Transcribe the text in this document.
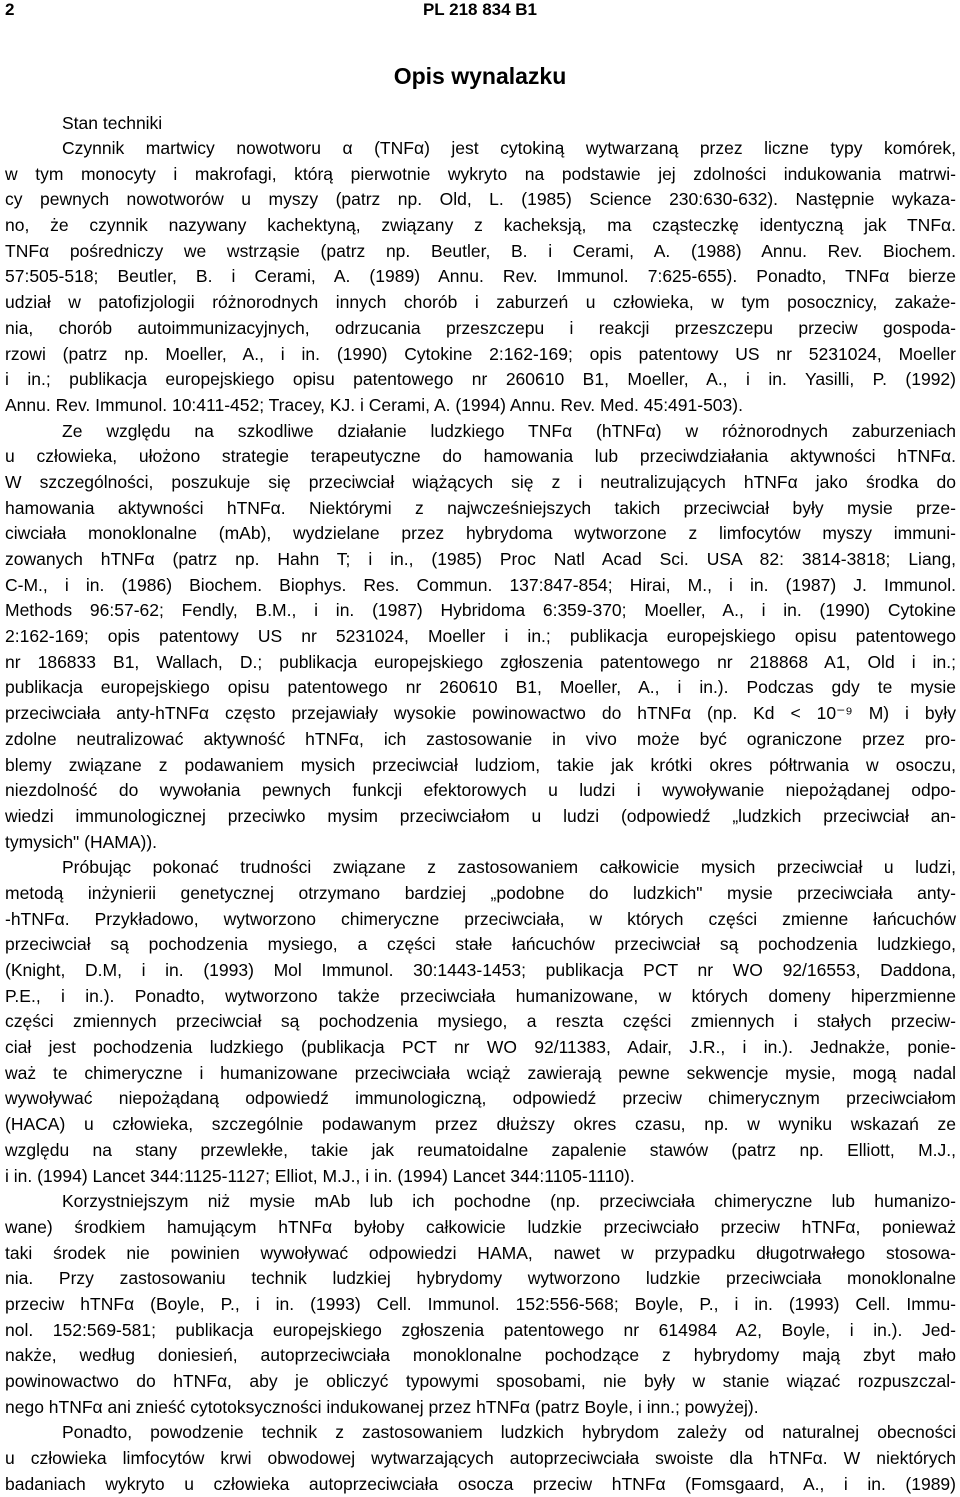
2	PL 218 834 B1
Opis wynalazku
Stan techniki
Czynnik martwicy nowotworu α (TNFα) jest cytokiną wytwarzaną przez liczne typy komórek,
w tym monocyty i makrofagi, którą pierwotnie wykryto na podstawie jej zdolności indukowania matrwi-
cy pewnych nowotworów u myszy (patrz np. Old, L. (1985) Science 230:630-632). Następnie wykaza-
no, że czynnik nazywany kachektyną, związany z kacheksją, ma cząsteczkę identyczną jak TNFα.
TNFα pośredniczy we wstrząsie (patrz np. Beutler, B. i Cerami, A. (1988) Annu. Rev. Biochem.
57:505-518; Beutler, B. i Cerami, A. (1989) Annu. Rev. Immunol. 7:625-655). Ponadto, TNFα bierze
udział w patofizjologii różnorodnych innych chorób i zaburzeń u człowieka, w tym posocznicy, zakaże-
nia, chorób autoimmunizacyjnych, odrzucania przeszczepu i reakcji przeszczepu przeciw gospoda-
rzowi (patrz np. Moeller, A., i in. (1990) Cytokine 2:162-169; opis patentowy US nr 5231024, Moeller
i in.; publikacja europejskiego opisu patentowego nr 260610 B1, Moeller, A., i in. Yasilli, P. (1992)
Annu. Rev. Immunol. 10:411-452; Tracey, KJ. i Cerami, A. (1994) Annu. Rev. Med. 45:491-503).
Ze względu na szkodliwe działanie ludzkiego TNFα (hTNFα) w różnorodnych zaburzeniach
u człowieka, ułożono strategie terapeutyczne do hamowania lub przeciwdziałania aktywności hTNFα.
W szczególności, poszukuje się przeciwciał wiążących się z i neutralizujących hTNFα jako środka do
hamowania aktywności hTNFα. Niektórymi z najwcześniejszych takich przeciwciał były mysie prze-
ciwciała monoklonalne (mAb), wydzielane przez hybrydoma wytworzone z limfocytów myszy immuni-
zowanych hTNFα (patrz np. Hahn T; i in., (1985) Proc Natl Acad Sci. USA 82: 3814-3818; Liang,
C-M., i in. (1986) Biochem. Biophys. Res. Commun. 137:847-854; Hirai, M., i in. (1987) J. Immunol.
Methods 96:57-62; Fendly, B.M., i in. (1987) Hybridoma 6:359-370; Moeller, A., i in. (1990) Cytokine
2:162-169; opis patentowy US nr 5231024, Moeller i in.; publikacja europejskiego opisu patentowego
nr 186833 B1, Wallach, D.; publikacja europejskiego zgłoszenia patentowego nr 218868 A1, Old i in.;
publikacja europejskiego opisu patentowego nr 260610 B1, Moeller, A., i in.). Podczas gdy te mysie
przeciwciała anty-hTNFα często przejawiały wysokie powinowactwo do hTNFα (np. Kd < 10⁻⁹ M) i były
zdolne neutralizować aktywność hTNFα, ich zastosowanie in vivo może być ograniczone przez pro-
blemy związane z podawaniem mysich przeciwciał ludziom, takie jak krótki okres półtrwania w osoczu,
niezdolność do wywołania pewnych funkcji efektorowych u ludzi i wywoływanie niepożądanej odpo-
wiedzi immunologicznej przeciwko mysim przeciwciałom u ludzi (odpowiedź „ludzkich przeciwciał an-
tymysich" (HAMA)).
Próbując pokonać trudności związane z zastosowaniem całkowicie mysich przeciwciał u ludzi,
metodą inżynierii genetycznej otrzymano bardziej „podobne do ludzkich" mysie przeciwciała anty-
-hTNFα. Przykładowo, wytworzono chimeryczne przeciwciała, w których części zmienne łańcuchów
przeciwciał są pochodzenia mysiego, a części stałe łańcuchów przeciwciał są pochodzenia ludzkiego,
(Knight, D.M, i in. (1993) Mol Immunol. 30:1443-1453; publikacja PCT nr WO 92/16553, Daddona,
P.E., i in.). Ponadto, wytworzono także przeciwciała humanizowane, w których domeny hiperzmienne
części zmiennych przeciwciał są pochodzenia mysiego, a reszta części zmiennych i stałych przeciw-
ciał jest pochodzenia ludzkiego (publikacja PCT nr WO 92/11383, Adair, J.R., i in.). Jednakże, ponie-
waż te chimeryczne i humanizowane przeciwciała wciąż zawierają pewne sekwencje mysie, mogą nadal
wywoływać niepożądaną odpowiedź immunologiczną, odpowiedź przeciw chimerycznym przeciwciałom
(HACA) u człowieka, szczególnie podawanym przez dłuższy okres czasu, np. w wyniku wskazań ze
względu na stany przewlekłe, takie jak reumatoidalne zapalenie stawów (patrz np. Elliott, M.J.,
i in. (1994) Lancet 344:1125-1127; Elliot, M.J., i in. (1994) Lancet 344:1105-1110).
Korzystniejszym niż mysie mAb lub ich pochodne (np. przeciwciała chimeryczne lub humanizo-
wane) środkiem hamującym hTNFα byłoby całkowicie ludzkie przeciwciało przeciw hTNFα, ponieważ
taki środek nie powinien wywoływać odpowiedzi HAMA, nawet w przypadku długotrwałego stosowa-
nia. Przy zastosowaniu technik ludzkiej hybrydomy wytworzono ludzkie przeciwciała monoklonalne
przeciw hTNFα (Boyle, P., i in. (1993) Cell. Immunol. 152:556-568; Boyle, P., i in. (1993) Cell. Immu-
nol. 152:569-581; publikacja europejskiego zgłoszenia patentowego nr 614984 A2, Boyle, i in.). Jed-
nakże, według doniesień, autoprzeciwciała monoklonalne pochodzące z hybrydomy mają zbyt mało
powinowactwo do hTNFα, aby je obliczyć typowymi sposobami, nie były w stanie wiązać rozpuszczal-
nego hTNFα ani znieść cytotoksyczności indukowanej przez hTNFα (patrz Boyle, i inn.; powyżej).
Ponadto, powodzenie technik z zastosowaniem ludzkich hybrydom zależy od naturalnej obecności
u człowieka limfocytów krwi obwodowej wytwarzających autoprzeciwciała swoiste dla hTNFα. W niektórych
badaniach wykryto u człowieka autoprzeciwciała osocza przeciw hTNFα (Fomsgaard, A., i in. (1989)
